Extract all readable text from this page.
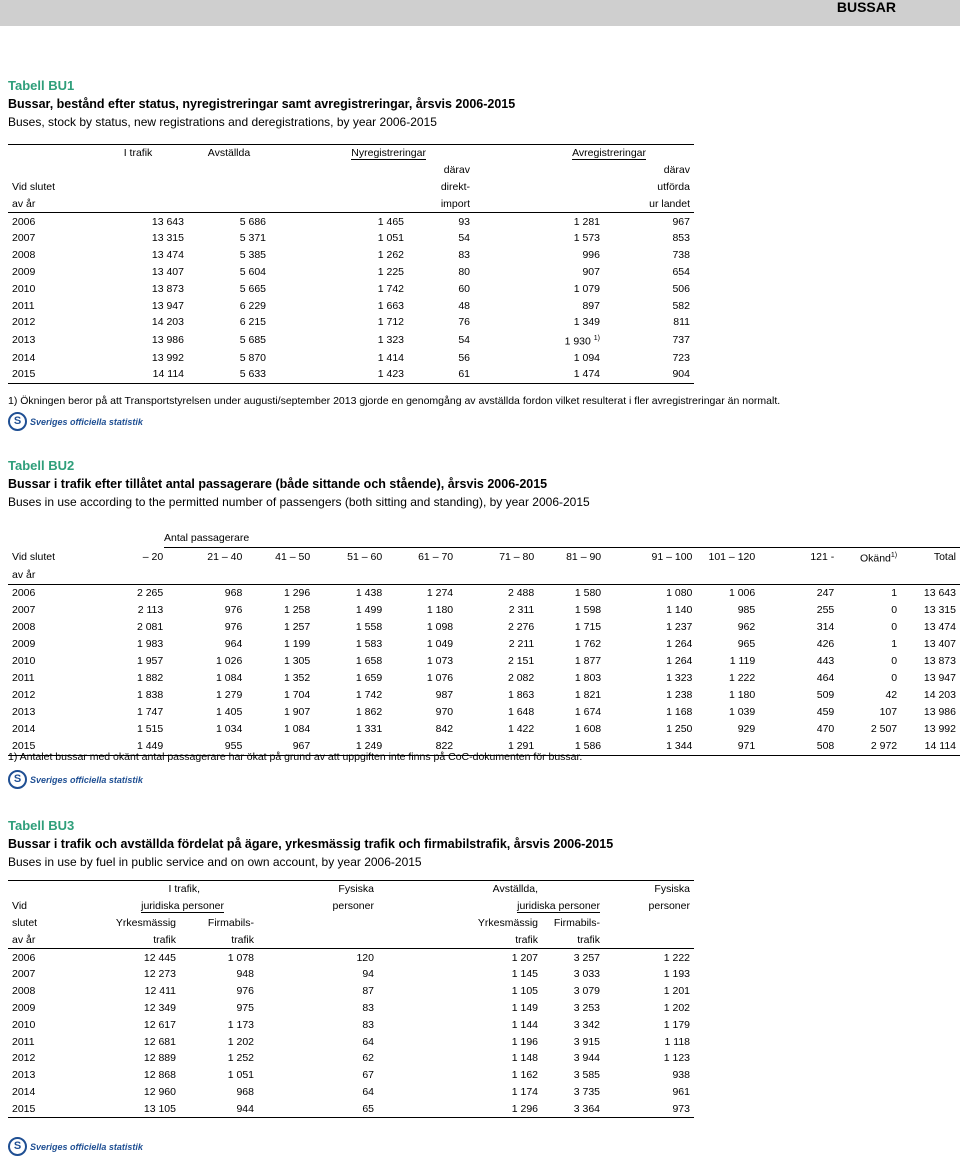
BUSSAR
Tabell BU1
Bussar, bestånd efter status, nyregistreringar samt avregistreringar, årsvis 2006-2015
Buses, stock by status, new registrations and deregistrations, by year 2006-2015
	I trafik	Avställda	Nyregistreringar		Avregistreringar	
				därav		därav
Vid slutet				direkt-		utförda
av år				import		ur landet
2006	13 643	5 686	1 465	93	1 281	967
2007	13 315	5 371	1 051	54	1 573	853
2008	13 474	5 385	1 262	83	996	738
2009	13 407	5 604	1 225	80	907	654
2010	13 873	5 665	1 742	60	1 079	506
2011	13 947	6 229	1 663	48	897	582
2012	14 203	6 215	1 712	76	1 349	811
2013	13 986	5 685	1 323	54	1 930 $^{1)}$	737
2014	13 992	5 870	1 414	56	1 094	723
2015	14 114	5 633	1 423	61	1 474	904
1) Ökningen beror på att Transportstyrelsen under augusti/september 2013 gjorde en genomgång av avställda fordon vilket resulterat i fler avregistreringar än normalt.
S Sveriges officiella statistik
Tabell BU2
Bussar i trafik efter tillåtet antal passagerare (både sittande och stående), årsvis 2006-2015
Buses in use according to the permitted number of passengers (both sitting and standing), by year 2006-2015

	Antal passagerare											

Vid slutet	– 20	21 – 40	41 – 50	51 – 60	61 – 70	71 – 80	81 – 90	91 – 100	101 – 120	121 -	Okänd$^{1)}$	Total
av år												
2006	2 265	968	1 296	1 438	1 274	2 488	1 580	1 080	1 006	247	1	13 643
2007	2 113	976	1 258	1 499	1 180	2 311	1 598	1 140	985	255	0	13 315
2008	2 081	976	1 257	1 558	1 098	2 276	1 715	1 237	962	314	0	13 474
2009	1 983	964	1 199	1 583	1 049	2 211	1 762	1 264	965	426	1	13 407
2010	1 957	1 026	1 305	1 658	1 073	2 151	1 877	1 264	1 119	443	0	13 873
2011	1 882	1 084	1 352	1 659	1 076	2 082	1 803	1 323	1 222	464	0	13 947
2012	1 838	1 279	1 704	1 742	987	1 863	1 821	1 238	1 180	509	42	14 203
2013	1 747	1 405	1 907	1 862	970	1 648	1 674	1 168	1 039	459	107	13 986
2014	1 515	1 034	1 084	1 331	842	1 422	1 608	1 250	929	470	2 507	13 992
2015	1 449	955	967	1 249	822	1 291	1 586	1 344	971	508	2 972	14 114
1) Antalet bussar med okänt antal passagerare har ökat på grund av att uppgiften inte finns på CoC-dokumenten för bussar.
S Sveriges officiella statistik
Tabell BU3
Bussar i trafik och avställda fördelat på ägare, yrkesmässig trafik och firmabilstrafik, årsvis 2006-2015
Buses in use by fuel in public service and on own account, by year 2006-2015
	I trafik,		Fysiska	Avställda,		Fysiska
Vid	juridiska personer		personer	juridiska personer		personer
slutet	Yrkesmässig	Firmabils-		Yrkesmässig	Firmabils-	
av år	trafik	trafik		trafik	trafik	
2006	12 445	1 078	120	1 207	3 257	1 222
2007	12 273	948	94	1 145	3 033	1 193
2008	12 411	976	87	1 105	3 079	1 201
2009	12 349	975	83	1 149	3 253	1 202
2010	12 617	1 173	83	1 144	3 342	1 179
2011	12 681	1 202	64	1 196	3 915	1 118
2012	12 889	1 252	62	1 148	3 944	1 123
2013	12 868	1 051	67	1 162	3 585	938
2014	12 960	968	64	1 174	3 735	961
2015	13 105	944	65	1 296	3 364	973
S Sveriges officiella statistik
